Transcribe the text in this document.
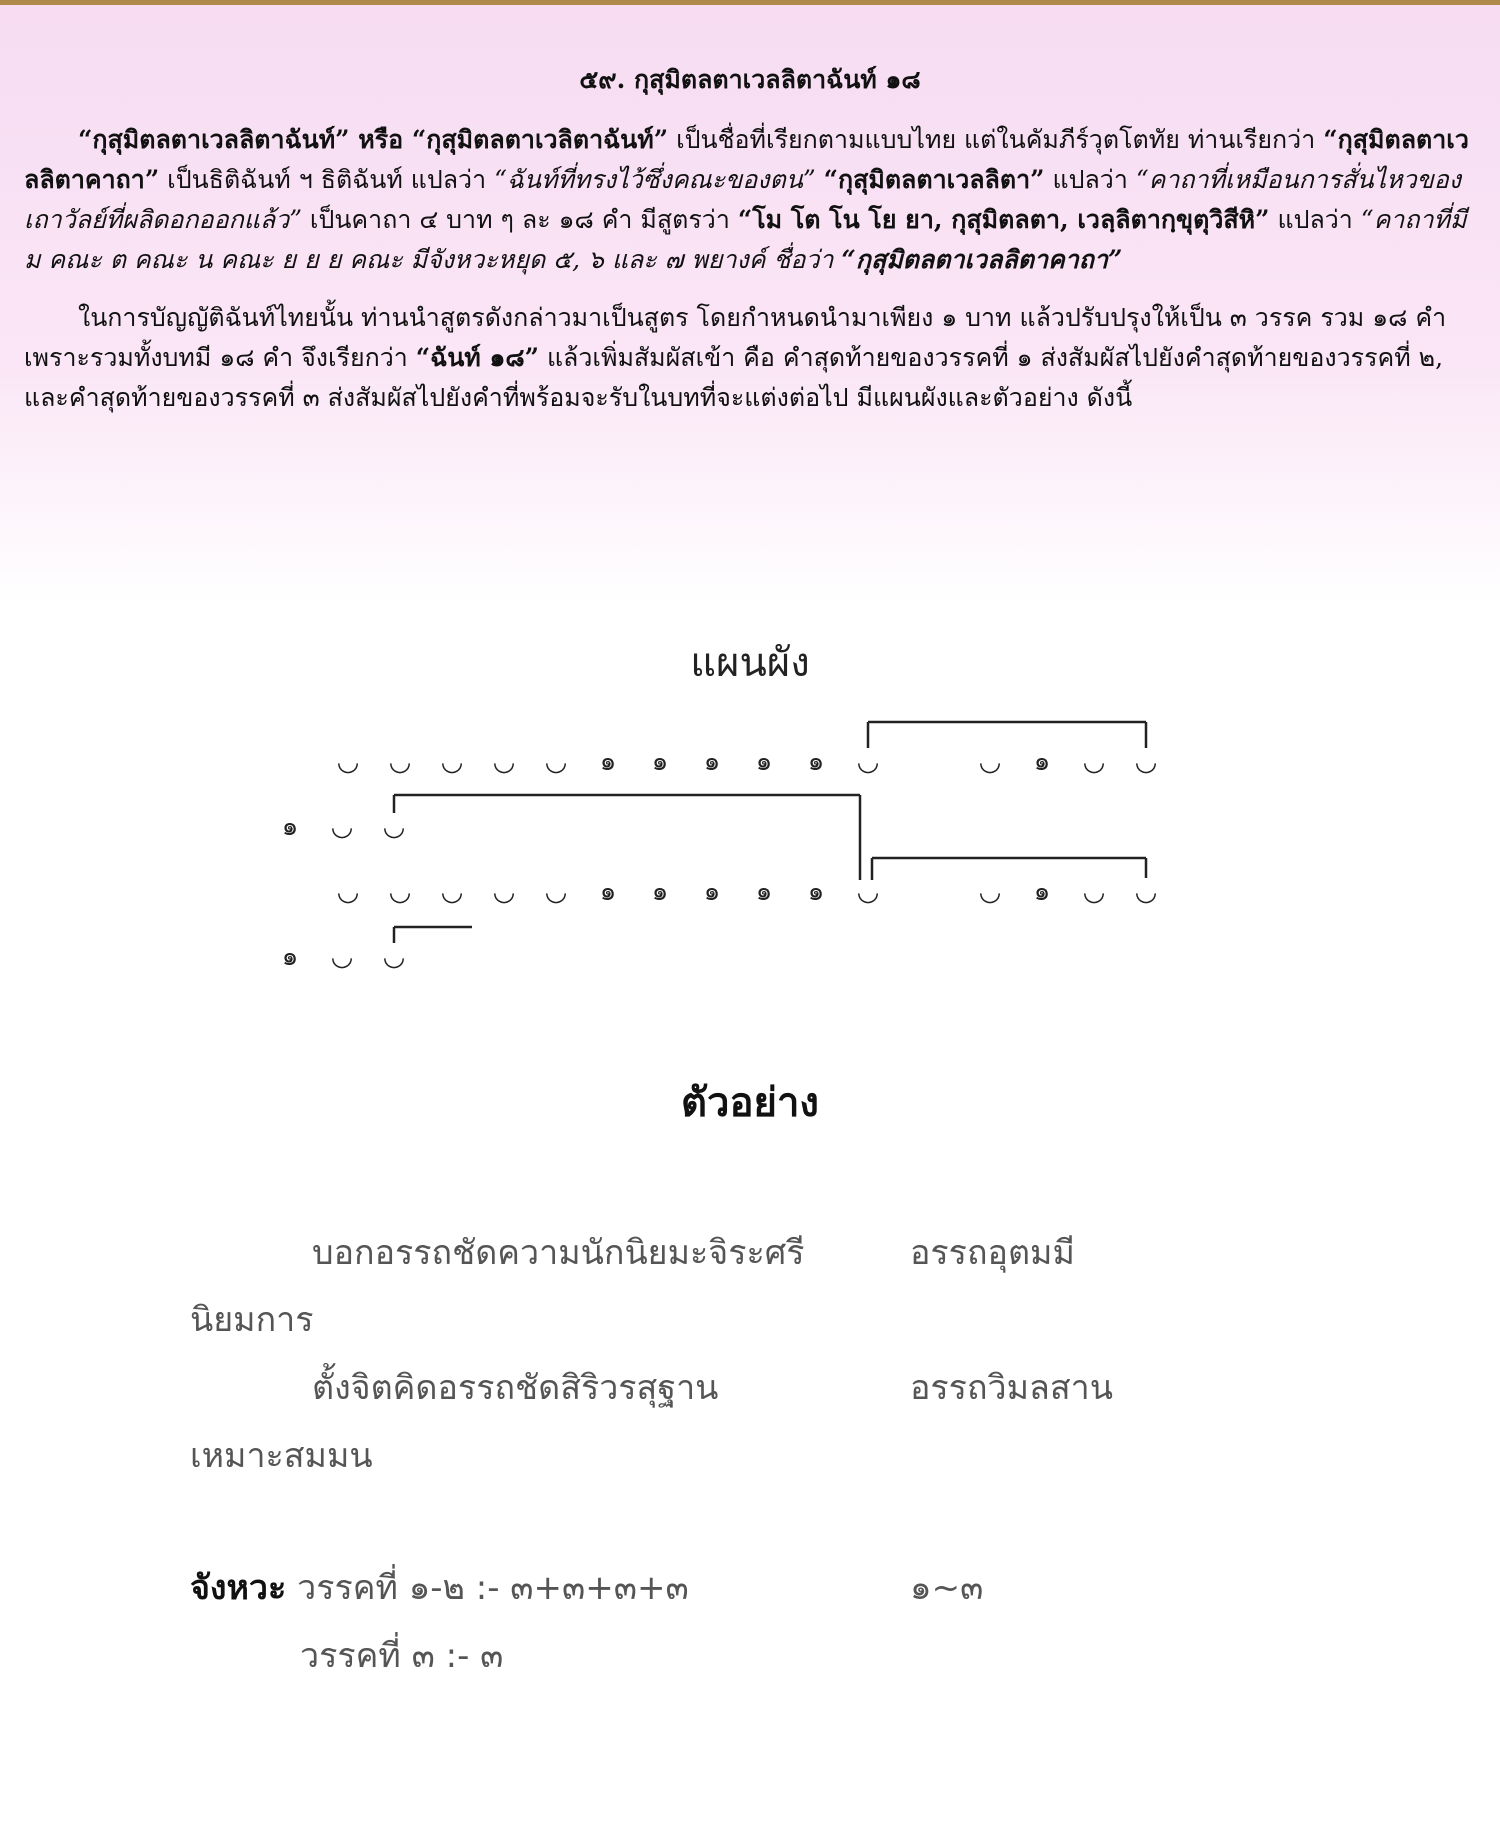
๕๙. กุสุมิตลตาเวลลิตาฉันท์ ๑๘

“กุสุมิตลตาเวลลิตาฉันท์” หรือ “กุสุมิตลตาเวลิตาฉันท์” เป็นชื่อที่เรียกตามแบบไทย แต่ในคัมภีร์วุตโตทัย ท่านเรียกว่า “กุสุมิตลตาเวลลิตาคาถา” เป็นธิติฉันท์ ฯ ธิติฉันท์ แปลว่า “ฉันท์ที่ทรงไว้ซึ่งคณะของตน” “กุสุมิตลตาเวลลิตา” แปลว่า “คาถาที่เหมือนการสั่นไหวของเถาวัลย์ที่ผลิดอกออกแล้ว” เป็นคาถา ๔ บาท ๆ ละ ๑๘ คำ มีสูตรว่า “โม โต โน โย ยา, กุสุมิตลตา, เวลฺลิตากฺขุตุวิสีหิ” แปลว่า “คาถาที่มี ม คณะ ต คณะ น คณะ ย ย ย คณะ มีจังหวะหยุด ๕, ๖ และ ๗ พยางค์ ชื่อว่า “กุสุมิตลตาเวลลิตาคาถา”

ในการบัญญัติฉันท์ไทยนั้น ท่านนำสูตรดังกล่าวมาเป็นสูตร โดยกำหนดนำมาเพียง ๑ บาท แล้วปรับปรุงให้เป็น ๓ วรรค รวม ๑๘ คำ เพราะรวมทั้งบทมี ๑๘ คำ จึงเรียกว่า “ฉันท์ ๑๘” แล้วเพิ่มสัมผัสเข้า คือ คำสุดท้ายของวรรคที่ ๑ ส่งสัมผัสไปยังคำสุดท้ายของวรรคที่ ๒, และคำสุดท้ายของวรรคที่ ๓ ส่งสัมผัสไปยังคำที่พร้อมจะรับในบทที่จะแต่งต่อไป มีแผนผังและตัวอย่าง ดังนี้

แผนผัง
◡ ◡ ◡ ◡ ◡ ๑ ๑ ๑ ๑ ๑ ◡	◡ ๑ ◡ ◡
๑ ◡ ◡
◡ ◡ ◡ ◡ ◡ ๑ ๑ ๑ ๑ ๑ ◡	◡ ๑ ◡ ◡
๑ ◡ ◡
ตัวอย่าง
บอกอรรถชัดความนักนิยมะจิระศรี	อรรถอุตมมี
นิยมการ
ตั้งจิตคิดอรรถชัดสิริวรสุฐาน	อรรถวิมลสาน
เหมาะสมมน
จังหวะ วรรคที่ ๑-๒ :- ๓+๓+๓+๓	๑~๓
วรรคที่ ๓ :- ๓
